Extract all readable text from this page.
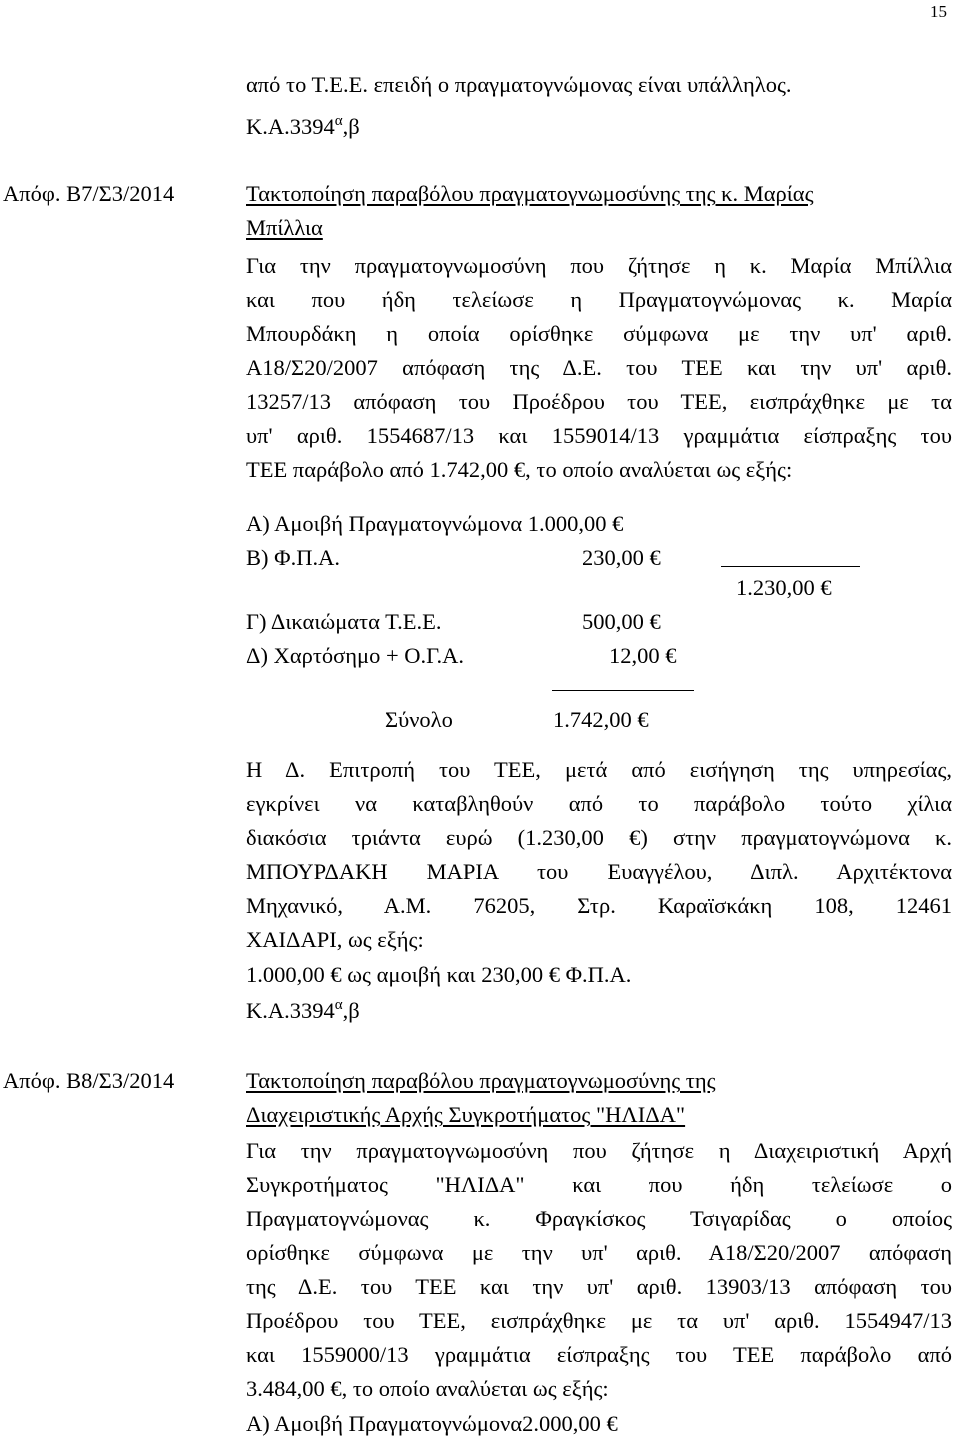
15
από το Τ.Ε.Ε. επειδή ο πραγματογνώμονας είναι υπάλληλος.
$K.A.3394^\alpha,\beta$
Απόφ. Β7/Σ3/2014	Τακτοποίηση παραβόλου πραγματογνωμοσύνης της κ. Μαρίας
Μπίλλια
Για την πραγματογνωμοσύνη που ζήτησε η κ. Μαρία Μπίλλια
και που ήδη τελείωσε η Πραγματογνώμονας κ. Μαρία
Μπουρδάκη η οποία ορίσθηκε σύμφωνα με την υπ' αριθ.
Α18/Σ20/2007 απόφαση της Δ.Ε. του ΤΕΕ και την υπ' αριθ.
13257/13 απόφαση του Προέδρου του ΤΕΕ, εισπράχθηκε με τα
υπ' αριθ. 1554687/13 και 1559014/13 γραμμάτια είσπραξης του
ΤΕΕ παράβολο από 1.742,00 €, το οποίο αναλύεται ως εξής:
Α) Αμοιβή Πραγματογνώμονα 1.000,00 €
Β) Φ.Π.Α.	230,00 €
1.230,00 €
Γ) Δικαιώματα Τ.Ε.Ε.	500,00 €
Δ) Χαρτόσημο + Ο.Γ.Α.	12,00 €
Σύνολο	1.742,00 €
Η Δ. Επιτροπή του ΤΕΕ, μετά από εισήγηση της υπηρεσίας,
εγκρίνει να καταβληθούν από το παράβολο τούτο χίλια
διακόσια τριάντα ευρώ (1.230,00 €) στην πραγματογνώμονα κ.
ΜΠΟΥΡΔΑΚΗ ΜΑΡΙΑ του Ευαγγέλου, Διπλ. Αρχιτέκτονα
Μηχανικό, Α.Μ. 76205, Στρ. Καραϊσκάκη 108, 12461
ΧΑΙΔΑΡΙ, ως εξής:
1.000,00 € ως αμοιβή και 230,00 € Φ.Π.Α.
$K.A.3394^\alpha,\beta$
Απόφ. Β8/Σ3/2014	Τακτοποίηση παραβόλου πραγματογνωμοσύνης της
Διαχειριστικής Αρχής Συγκροτήματος "ΗΛΙΔΑ"
Για την πραγματογνωμοσύνη που ζήτησε η Διαχειριστική Αρχή
Συγκροτήματος "ΗΛΙΔΑ" και που ήδη τελείωσε ο
Πραγματογνώμονας κ. Φραγκίσκος Τσιγαρίδας ο οποίος
ορίσθηκε σύμφωνα με την υπ' αριθ. Α18/Σ20/2007 απόφαση
της Δ.Ε. του ΤΕΕ και την υπ' αριθ. 13903/13 απόφαση του
Προέδρου του ΤΕΕ, εισπράχθηκε με τα υπ' αριθ. 1554947/13
και 1559000/13 γραμμάτια είσπραξης του ΤΕΕ παράβολο από
3.484,00 €, το οποίο αναλύεται ως εξής:
Α) Αμοιβή Πραγματογνώμονα2.000,00 €
